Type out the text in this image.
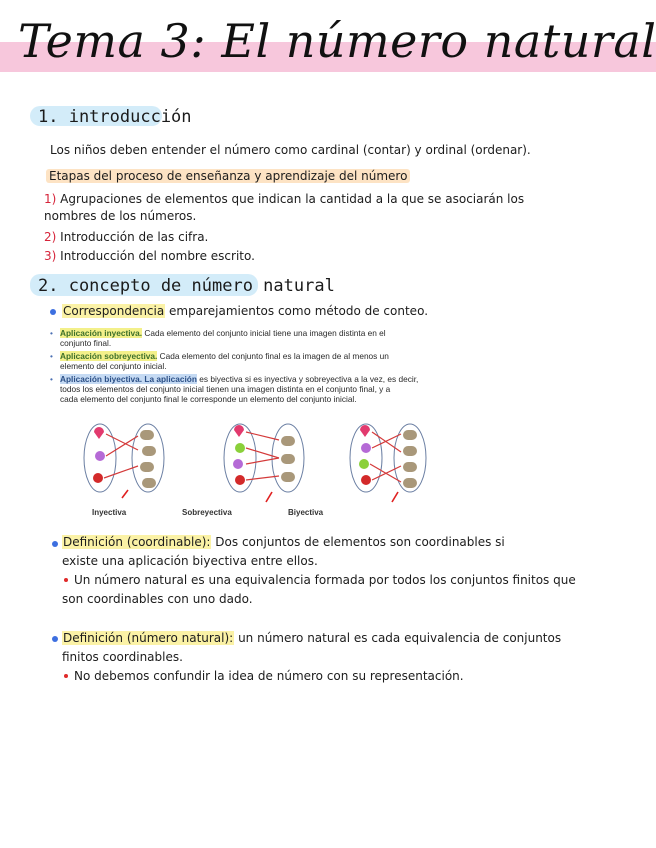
Tema 3: El número natural
1. introducción
Los niños deben entender el número como cardinal (contar) y ordinal (ordenar).
Etapas del proceso de enseñanza y aprendizaje del número
1) Agrupaciones de elementos que indican la cantidad a la que se asociarán los
nombres de los números.
2) Introducción de las cifra.
3) Introducción del nombre escrito.
2. concepto de número natural
Correspondencia emparejamientos como método de conteo.
• Aplicación inyectiva. Cada elemento del conjunto inicial tiene una imagen distinta en el
conjunto final.
• Aplicación sobreyectiva. Cada elemento del conjunto final es la imagen de al menos un
elemento del conjunto inicial.
• Aplicación biyectiva. La aplicación es biyectiva si es inyectiva y sobreyectiva a la vez, es decir,
todos los elementos del conjunto inicial tienen una imagen distinta en el conjunto final, y a
cada elemento del conjunto final le corresponde un elemento del conjunto inicial.
Inyectiva	Sobreyectiva	Biyectiva
Definición (coordinable): Dos conjuntos de elementos son coordinables si
existe una aplicación biyectiva entre ellos.
Un número natural es una equivalencia formada por todos los conjuntos finitos que
son coordinables con uno dado.
Definición (número natural): un número natural es cada equivalencia de conjuntos
finitos coordinables.
No debemos confundir la idea de número con su representación.
